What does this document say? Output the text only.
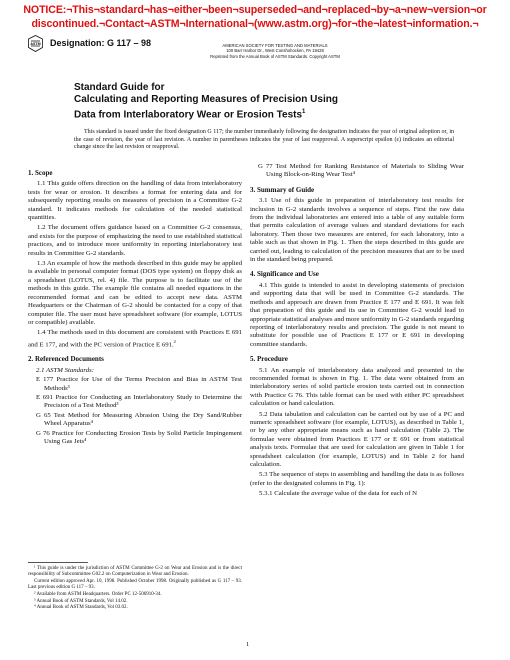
NOTICE:¬This¬standard¬has¬either¬been¬superseded¬and¬replaced¬by¬a¬new¬version¬or
discontinued.¬Contact¬ASTM¬International¬(www.astm.org)¬for¬the¬latest¬information.¬
ASTM Designation: G 117 – 98	AMERICAN SOCIETY FOR TESTING AND MATERIALS
100 Barr Harbor Dr., West Conshohocken, PA 19428
Reprinted from the Annual Book of ASTM Standards. Copyright ASTM
Standard Guide for
Calculating and Reporting Measures of Precision Using
Data from Interlaboratory Wear or Erosion Tests$^1$
This standard is issued under the fixed designation G 117; the number immediately following the designation indicates the year of original adoption or, in the case of revision, the year of last revision. A number in parentheses indicates the year of last reapproval. A superscript epsilon (ε) indicates an editorial change since the last revision or reapproval.
1. Scope

1.1 This guide offers direction on the handling of data from interlaboratory tests for wear or erosion. It describes a format for entering data and for subsequently reporting results on measures of precision in a Committee G-2 standard. It indicates methods for calculation of the needed statistical quantities.

1.2 The document offers guidance based on a Committee G-2 consensus, and exists for the purpose of emphasizing the need to use established statistical practices, and to introduce more uniformity in reporting interlaboratory test results in Committee G-2 standards.

1.3 An example of how the methods described in this guide may be applied is available in personal computer format (DOS type system) on floppy disk as a spreadsheet (LOTUS, rel. 4) file. The purpose is to facilitate use of the methods in this guide. The example file contains all needed equations in the recommended format and can be edited to accept new data. ASTM Headquarters or the Chairman of G-2 should be contacted for a copy of that computer file. The user must have spreadsheet software (for example, LOTUS or compatible) available.

1.4 The methods used in this document are consistent with Practices E 691 and E 177, and with the PC version of Practice E 691.$^2$

2. Referenced Documents

2.1 ASTM Standards:

E 177 Practice for Use of the Terms Precision and Bias in ASTM Test Methods³

E 691 Practice for Conducting an Interlaboratory Study to Determine the Precision of a Test Method³

G 65 Test Method for Measuring Abrasion Using the Dry Sand/Rubber Wheel Apparatus⁴

G 76 Practice for Conducting Erosion Tests by Solid Particle Impingement Using Gas Jets⁴

¹ This guide is under the jurisdiction of ASTM Committee G-2 on Wear and Erosion and is the direct responsibility of Subcommittee G02.2 on Computerization in Wear and Erosion.

Current edition approved Apr. 10, 1998. Published October 1998. Originally published as G 117 – 93. Last previous edition G 117 – 93.

² Available from ASTM Headquarters. Order PC 12-506910-34.

³ Annual Book of ASTM Standards, Vol 14.02.

⁴ Annual Book of ASTM Standards, Vol 03.02.

G 77 Test Method for Ranking Resistance of Materials to Sliding Wear Using Block-on-Ring Wear Test⁴

3. Summary of Guide

3.1 Use of this guide in preparation of interlaboratory test results for inclusion in G-2 standards involves a sequence of steps. First the raw data from the individual laboratories are entered into a table of any suitable form that permits calculation of average values and standard deviations for each laboratory. Then those two measures are entered, for each laboratory, into a table such as that shown in Fig. 1. Then the steps described in this guide are carried out, leading to calculation of the precision measures that are to be used in the standard being prepared.

4. Significance and Use

4.1 This guide is intended to assist in developing statements of precision and supporting data that will be used in Committee G-2 standards. The methods and approach are drawn from Practice E 177 and E 691. It was felt that preparation of this guide and its use in Committee G-2 would lead to appropriate statistical analyses and more uniformity in G-2 standards regarding reporting of interlaboratory results and precision. The guide is not meant to substitute for possible use of Practices E 177 or E 691 in developing committee standards.

5. Procedure

5.1 An example of interlaboratory data analyzed and presented in the recommended format is shown in Fig. 1. The data were obtained from an interlaboratory series of solid particle erosion tests carried out in connection with Practice G 76. This table format can be used with either PC spreadsheet calculation or hand calculation.

5.2 Data tabulation and calculation can be carried out by use of a PC and numeric spreadsheet software (for example, LOTUS), as described in Table 1, or by any other appropriate means such as hand calculation (Table 2). The formulae were obtained from Practices E 177 or E 691 or from statistical analysis texts. Formulae that are used for calculation are given in Table 1 for spreadsheet calculation (for example, LOTUS) and in Table 2 for hand calculation.

5.3 The sequence of steps in assembling and handling the data is as follows (refer to the designated columns in Fig. 1):

5.3.1 Calculate the average value of the data for each of N

1
